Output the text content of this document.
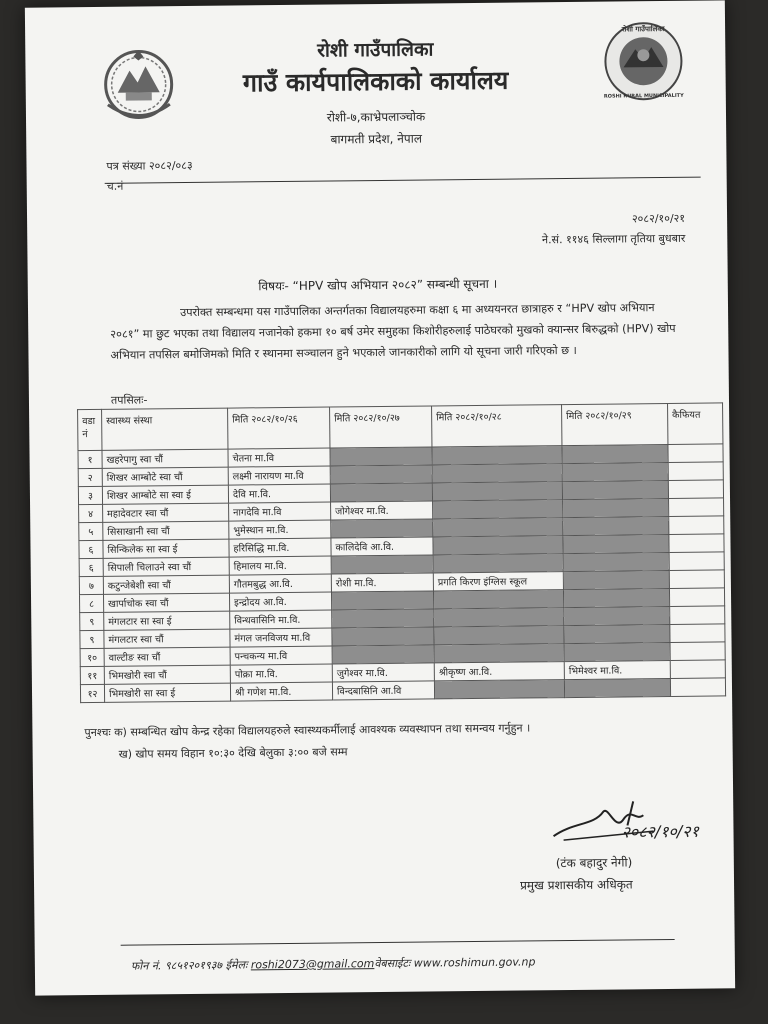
रोशी गाउँपालिका
ROSHI RURAL MUNICIPALITY
रोशी गाउँपालिका
गाउँ कार्यपालिकाको कार्यालय
रोशी-७,काभ्रेपलाञ्चोक
बागमती प्रदेश, नेपाल
पत्र संख्या २०८२/०८३
च.नं
२०८२/१०/२१
ने.सं. ११४६ सिल्लागा तृतिया बुधबार
विषयः- “HPV खोप अभियान २०८२” सम्बन्धी सूचना ।
उपरोक्त सम्बन्धमा यस गाउँपालिका अन्तर्गतका विद्यालयहरुमा कक्षा ६ मा अध्ययनरत छात्राहरु र “HPV खोप अभियान २०८१” मा छुट भएका तथा विद्यालय नजानेको हकमा १० बर्ष उमेर समुहका किशोरीहरुलाई पाठेघरको मुखको क्यान्सर बिरुद्धको (HPV) खोप अभियान तपसिल बमोजिमको मिति र स्थानमा सञ्चालन हुने भएकाले जानकारीको लागि यो सूचना जारी गरिएको छ ।
तपसिलः-
वडा नं	स्वास्थ्य संस्था	मिति २०८२/१०/२६	मिति २०८२/१०/२७	मिति २०८२/१०/२८	मिति २०८२/१०/२९	कैफियत
१	खहरेपागु स्वा चौं	चेतना मा.वि				
२	शिखर आम्बोटे स्वा चौं	लक्ष्मी नारायण मा.वि				
३	शिखर आम्बोटे सा स्वा ई	देवि मा.वि.				
४	महादेवटार स्वा चौं	नागदेवि मा.वि	जोगेश्वर मा.वि.			
५	सिसाखानी स्वा चौं	भुमेस्थान मा.वि.				
६	सिन्किलेक सा स्वा ई	हरिसिद्धि मा.वि.	कालिदेवि आ.वि.			
६	सिपाली चिलाउने स्वा चौं	हिमालय मा.वि.				
७	कटुन्जेबेशी स्वा चौं	गौतमबुद्ध आ.वि.	रोशी मा.वि.	प्रगति किरण इंग्लिस स्कूल		
८	खार्पाचोक स्वा चौं	इन्द्रोदय आ.वि.				
९	मंगलटार सा स्वा ई	विन्धवासिनि मा.वि.				
९	मंगलटार स्वा चौं	मंगल जनविजय मा.वि				
१०	वाल्टीङ स्वा चौं	पन्चकन्य मा.वि				
११	भिमखोरी स्वा चौं	पोक्रा मा.वि.	जुगेश्वर मा.वि.	श्रीकृष्ण आ.वि.	भिमेश्वर मा.वि.	
१२	भिमखोरी सा स्वा ई	श्री गणेश मा.वि.	विन्दबासिनि आ.वि			
पुनश्चः क) सम्बन्धित खोप केन्द्र रहेका विद्यालयहरुले स्वास्थ्यकर्मीलाई आवश्यक व्यवस्थापन तथा समन्वय गर्नुहुन ।
ख) खोप समय विहान १०:३० देखि बेलुका ३:०० बजे सम्म
२०८२/१०/२१
(टंक बहादुर नेगी)
प्रमुख प्रशासकीय अधिकृत
फोन नं. ९८५१२०१९३७ ईमेलः roshi2073@gmail.comवेबसाईटः www.roshimun.gov.np
